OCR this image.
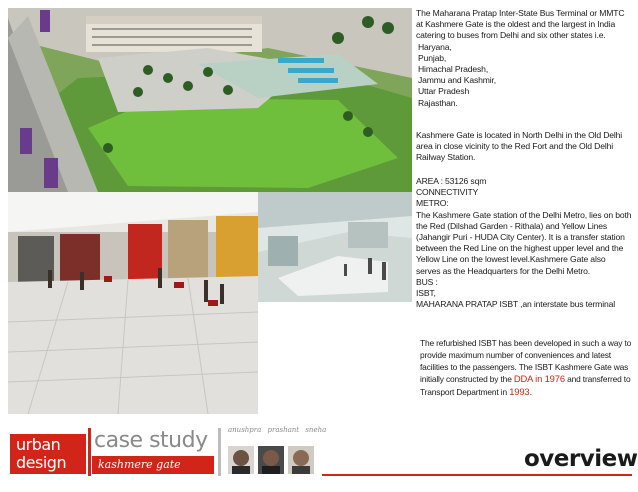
The Maharana Pratap Inter-State Bus Terminal or MMTC at Kashmere Gate is the oldest and the largest in India catering to buses from Delhi and six other states i.e.
Haryana,
Punjab,
Himachal Pradesh,
Jammu and Kashmir,
Uttar Pradesh
Rajasthan.
Kashmere Gate is located in North Delhi in the Old Delhi area in close vicinity to the Red Fort and the Old Delhi Railway Station.
AREA : 53126 sqm
CONNECTIVITY
METRO:
The Kashmere Gate station of the Delhi Metro, lies on both the Red (Dilshad Garden - Rithala) and Yellow Lines (Jahangir Puri - HUDA City Center). It is a transfer station between the Red Line on the highest upper level and the Yellow Line on the lowest level.Kashmere Gate also serves as the Headquarters for the Delhi Metro.
BUS :
ISBT,
MAHARANA PRATAP ISBT ,an interstate bus terminal
The refurbished ISBT has been developed in such a way to provide maximum number of conveniences and latest facilities to the passengers. The ISBT Kashmere Gate was initially constructed by the DDA in 1976 and transferred to Transport Department in 1993.
urban
design
case study
kashmere gate I.S.B.T.
anushpra prashant sneha
overview
